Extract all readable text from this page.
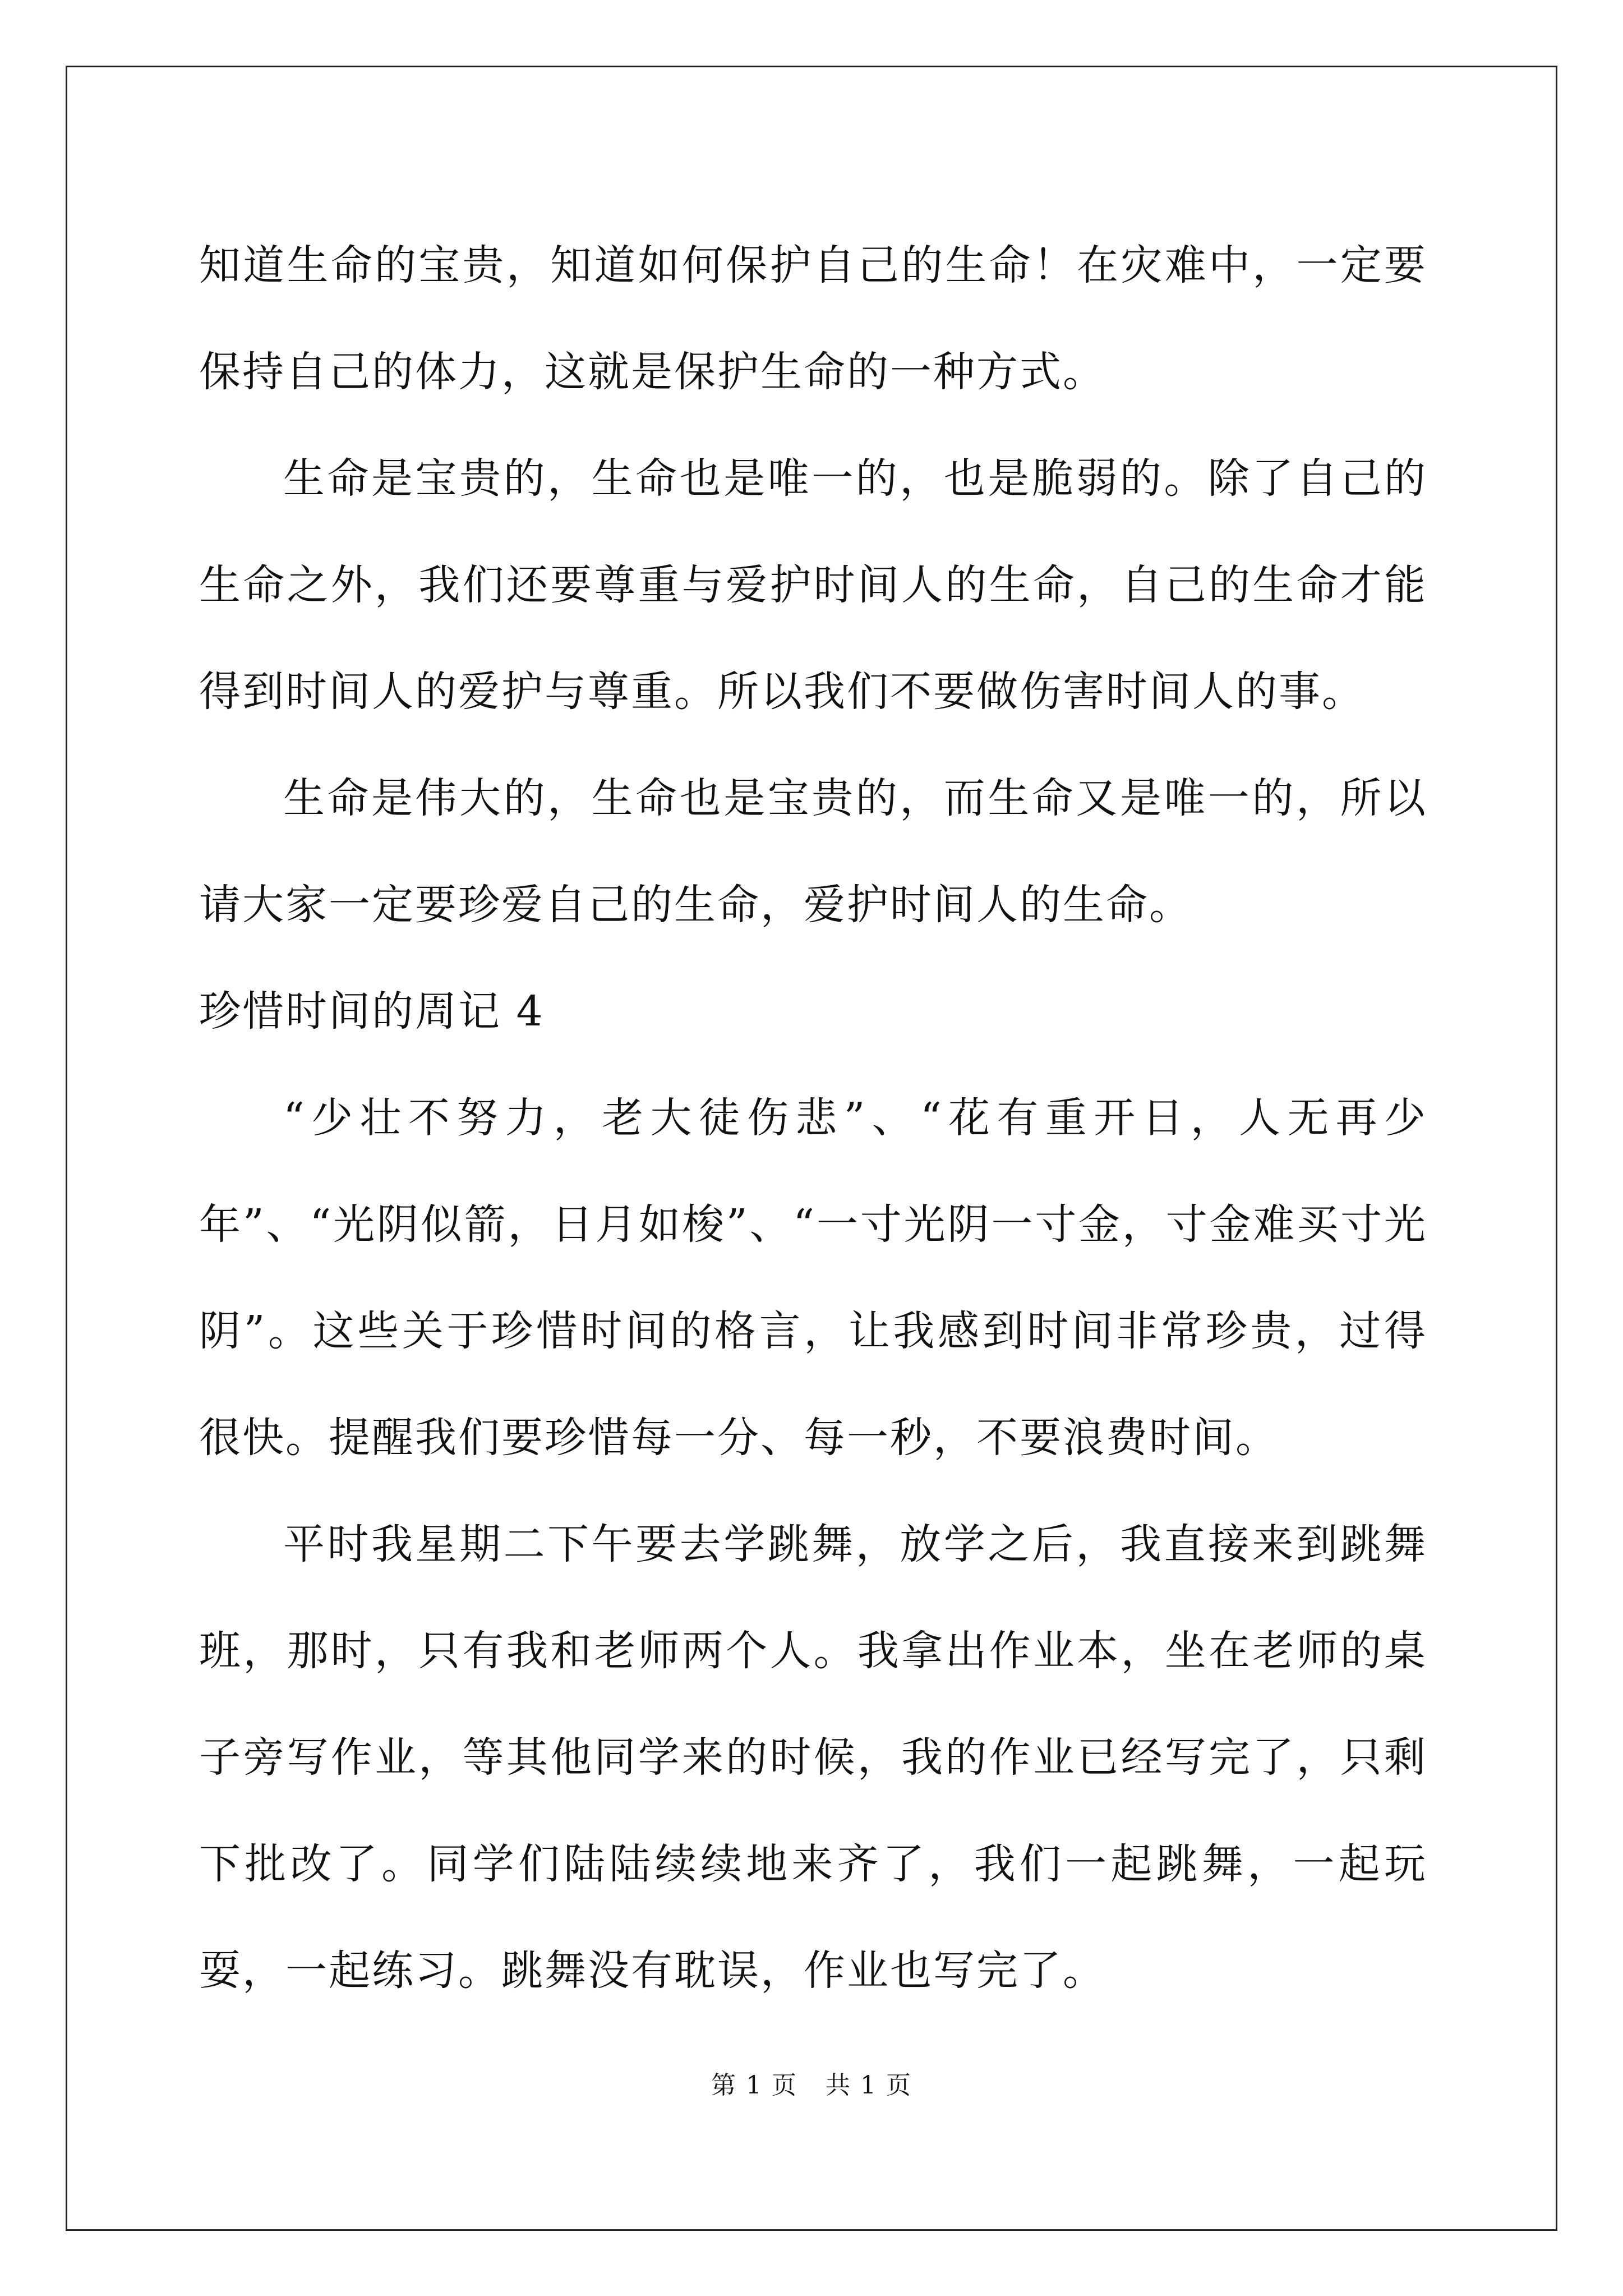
知道生命的宝贵，知道如何保护自己的生命！在灾难中，一定要保持自己的体力，这就是保护生命的一种方式。

生命是宝贵的，生命也是唯一的，也是脆弱的。除了自己的生命之外，我们还要尊重与爱护时间人的生命，自己的生命才能得到时间人的爱护与尊重。所以我们不要做伤害时间人的事。

生命是伟大的，生命也是宝贵的，而生命又是唯一的，所以请大家一定要珍爱自己的生命，爱护时间人的生命。

珍惜时间的周记 4

“少壮不努力，老大徒伤悲”、“花有重开日，人无再少年”、“光阴似箭，日月如梭”、“一寸光阴一寸金，寸金难买寸光阴”。这些关于珍惜时间的格言，让我感到时间非常珍贵，过得很快。提醒我们要珍惜每一分、每一秒，不要浪费时间。

平时我星期二下午要去学跳舞，放学之后，我直接来到跳舞班，那时，只有我和老师两个人。我拿出作业本，坐在老师的桌子旁写作业，等其他同学来的时候，我的作业已经写完了，只剩下批改了。同学们陆陆续续地来齐了，我们一起跳舞，一起玩耍，一起练习。跳舞没有耽误，作业也写完了。

第 1 页 共 1 页
